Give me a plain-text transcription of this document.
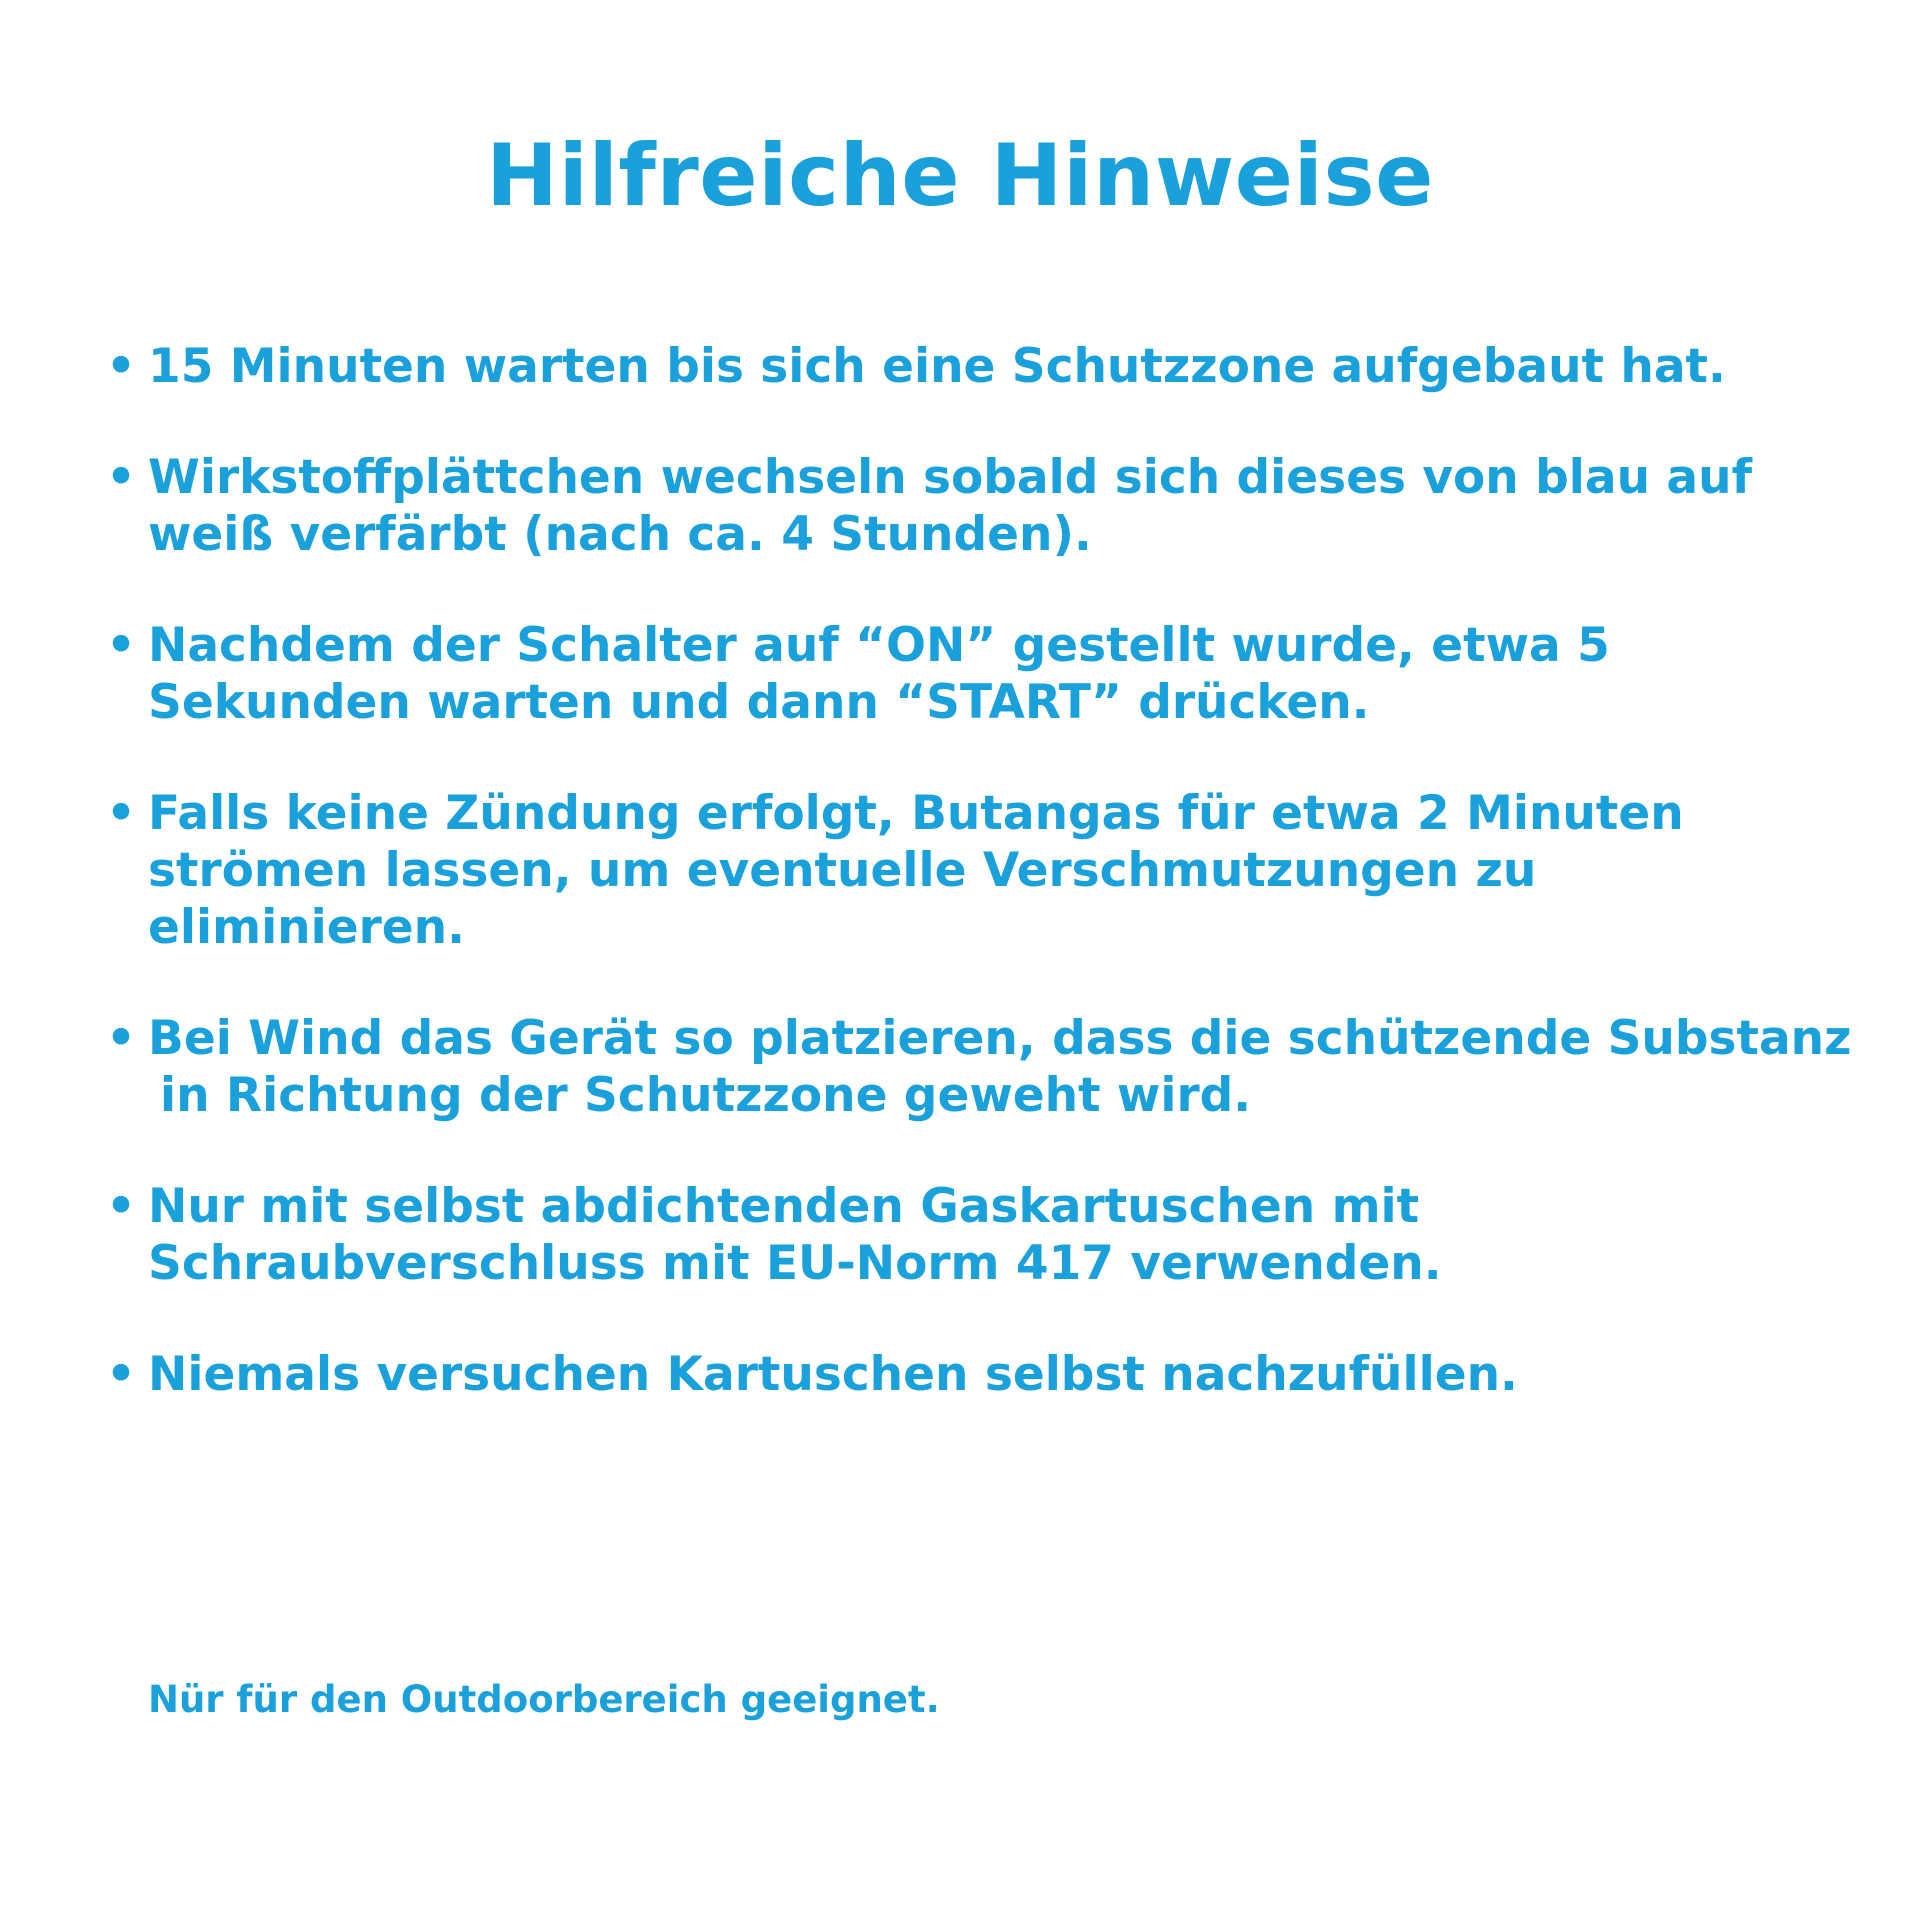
Hilfreiche Hinweise
• 15 Minuten warten bis sich eine Schutzzone aufgebaut hat.
• Wirkstoffplättchen wechseln sobald sich dieses von blau auf
weiß verfärbt (nach ca. 4 Stunden).
• Nachdem der Schalter auf “ON” gestellt wurde, etwa 5
Sekunden warten und dann “START” drücken.
• Falls keine Zündung erfolgt, Butangas für etwa 2 Minuten
strömen lassen, um eventuelle Verschmutzungen zu
eliminieren.
• Bei Wind das Gerät so platzieren, dass die schützende Substanz
in Richtung der Schutzzone geweht wird.
• Nur mit selbst abdichtenden Gaskartuschen mit
Schraubverschluss mit EU-Norm 417 verwenden.
• Niemals versuchen Kartuschen selbst nachzufüllen.

Nür für den Outdoorbereich geeignet.
